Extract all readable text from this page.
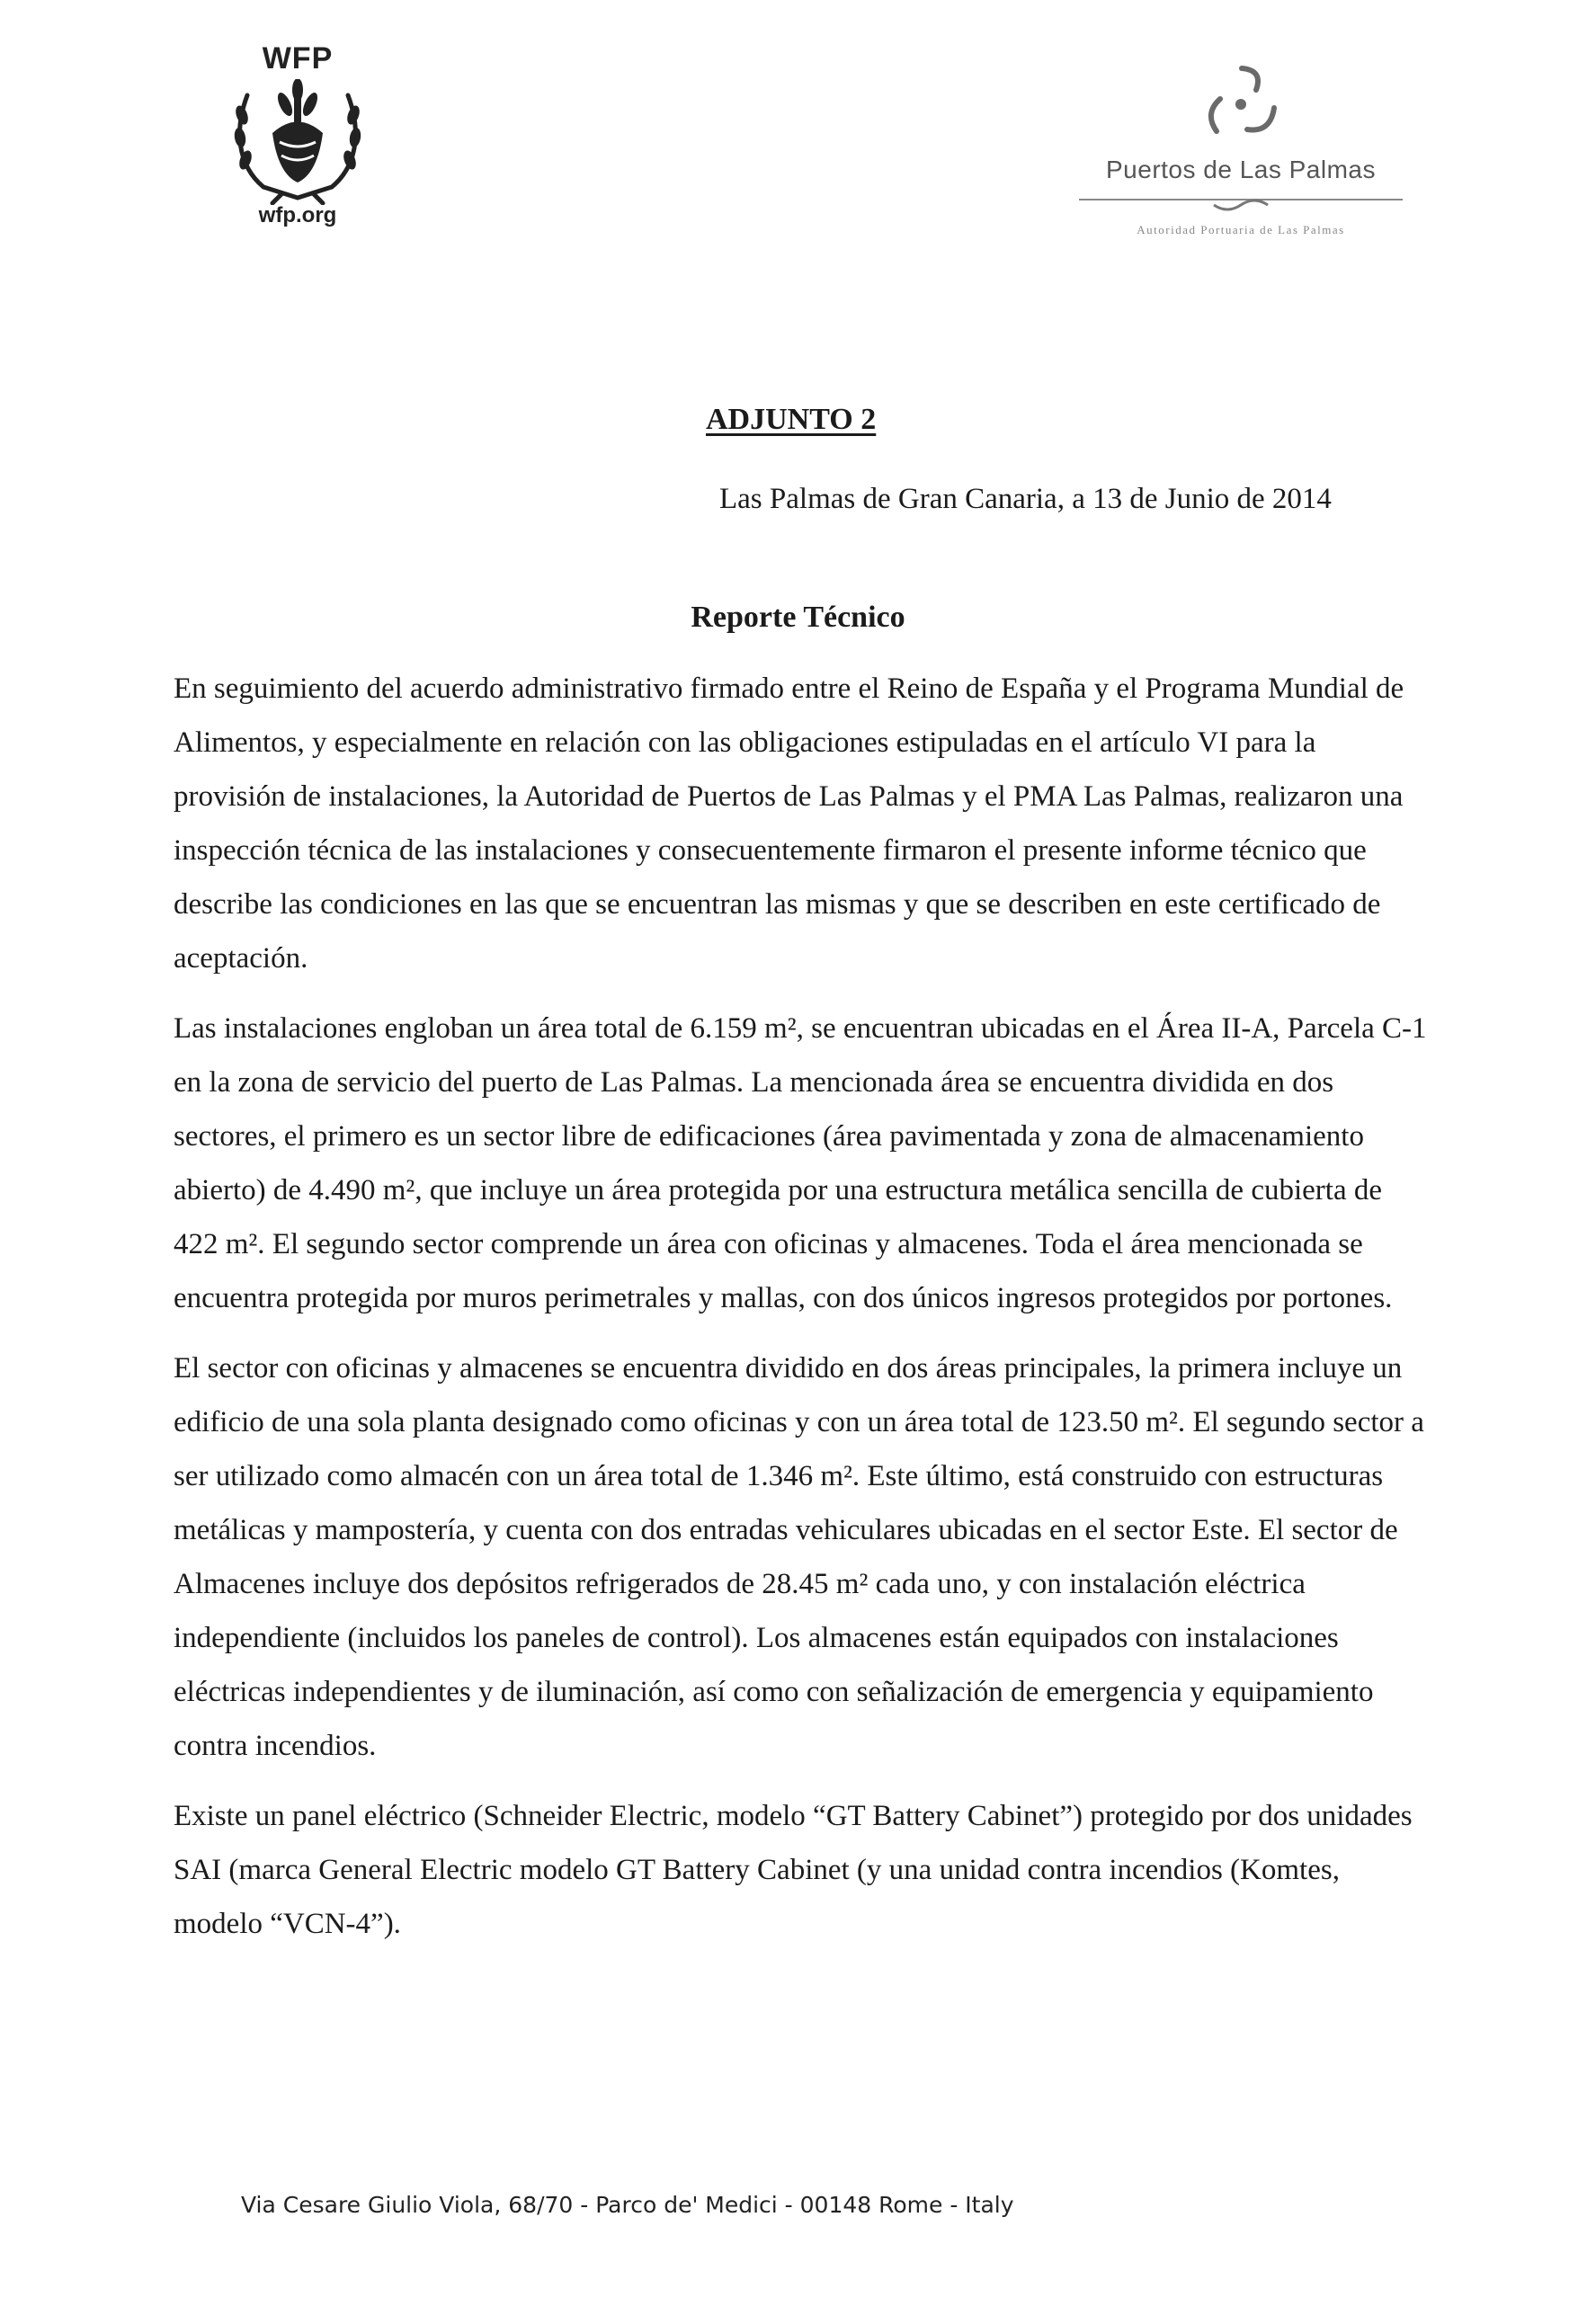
WFP
wfp.org
Puertos de Las Palmas
Autoridad Portuaria de Las Palmas
ADJUNTO 2
Las Palmas de Gran Canaria, a 13 de Junio de 2014
Reporte Técnico

En seguimiento del acuerdo administrativo firmado entre el Reino de España y el Programa Mundial de Alimentos, y especialmente en relación con las obligaciones estipuladas en el artículo VI para la provisión de instalaciones, la Autoridad de Puertos de Las Palmas y el PMA Las Palmas, realizaron una inspección técnica de las instalaciones y consecuentemente firmaron el presente informe técnico que describe las condiciones en las que se encuentran las mismas y que se describen en este certificado de aceptación.

Las instalaciones engloban un área total de 6.159 m², se encuentran ubicadas en el Área II-A, Parcela C-1 en la zona de servicio del puerto de Las Palmas. La mencionada área se encuentra dividida en dos sectores, el primero es un sector libre de edificaciones (área pavimentada y zona de almacenamiento abierto) de 4.490 m², que incluye un área protegida por una estructura metálica sencilla de cubierta de 422 m². El segundo sector comprende un área con oficinas y almacenes. Toda el área mencionada se encuentra protegida por muros perimetrales y mallas, con dos únicos ingresos protegidos por portones.

El sector con oficinas y almacenes se encuentra dividido en dos áreas principales, la primera incluye un edificio de una sola planta designado como oficinas y con un área total de 123.50 m². El segundo sector a ser utilizado como almacén con un área total de 1.346 m². Este último, está construido con estructuras metálicas y mampostería, y cuenta con dos entradas vehiculares ubicadas en el sector Este. El sector de Almacenes incluye dos depósitos refrigerados de 28.45 m² cada uno, y con instalación eléctrica independiente (incluidos los paneles de control). Los almacenes están equipados con instalaciones eléctricas independientes y de iluminación, así como con señalización de emergencia y equipamiento contra incendios.

Existe un panel eléctrico (Schneider Electric, modelo “GT Battery Cabinet”) protegido por dos unidades SAI (marca General Electric modelo GT Battery Cabinet (y una unidad contra incendios (Komtes, modelo “VCN-4”).

Via Cesare Giulio Viola, 68/70 - Parco de' Medici - 00148 Rome - Italy
